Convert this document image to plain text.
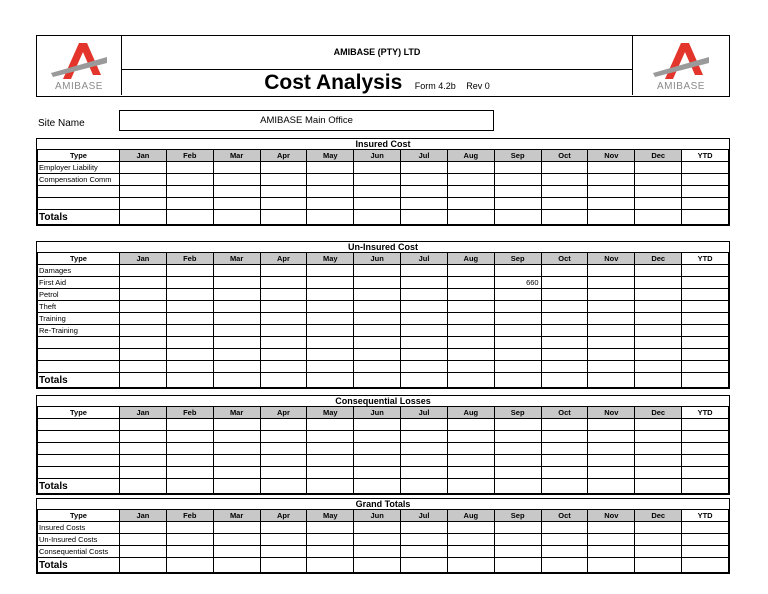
AMIBASE
AMIBASE (PTY) LTD
Cost Analysis Form 4.2b Rev 0	AMIBASE
Site Name	AMIBASE Main Office
Insured Cost													
Type	Jan	Feb	Mar	Apr	May	Jun	Jul	Aug	Sep	Oct	Nov	Dec	YTD
Employer Liability													
Compensation Comm													

Totals													
Un-Insured Cost													
Type	Jan	Feb	Mar	Apr	May	Jun	Jul	Aug	Sep	Oct	Nov	Dec	YTD
Damages													
First Aid									660				
Petrol													
Theft													
Training													
Re-Training													

Totals													
Consequential Losses													
Type	Jan	Feb	Mar	Apr	May	Jun	Jul	Aug	Sep	Oct	Nov	Dec	YTD

Totals													
Grand Totals													
Type	Jan	Feb	Mar	Apr	May	Jun	Jul	Aug	Sep	Oct	Nov	Dec	YTD
Insured Costs													
Un-Insured Costs													
Consequential Costs													
Totals													
